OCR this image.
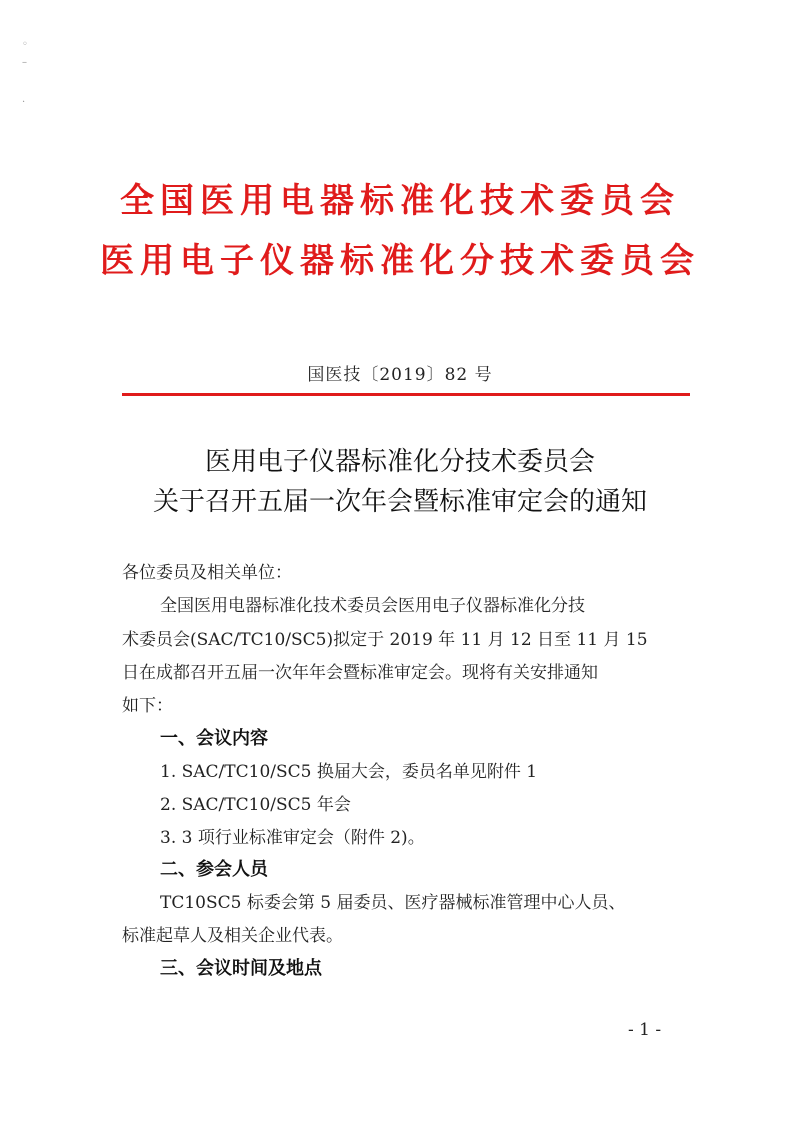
◦
–
·
全国医用电器标准化技术委员会
医用电子仪器标准化分技术委员会
国医技〔2019〕82 号
医用电子仪器标准化分技术委员会
关于召开五届一次年会暨标准审定会的通知
各位委员及相关单位：
全国医用电器标准化技术委员会医用电子仪器标准化分技
术委员会(SAC/TC10/SC5)拟定于 2019 年 11 月 12 日至 11 月 15
日在成都召开五届一次年年会暨标准审定会。现将有关安排通知
如下：
一、会议内容
1. SAC/TC10/SC5 换届大会，委员名单见附件 1
2. SAC/TC10/SC5 年会
3. 3 项行业标准审定会（附件 2)。
二、参会人员
TC10SC5 标委会第 5 届委员、医疗器械标准管理中心人员、
标准起草人及相关企业代表。
三、会议时间及地点
- 1 -
